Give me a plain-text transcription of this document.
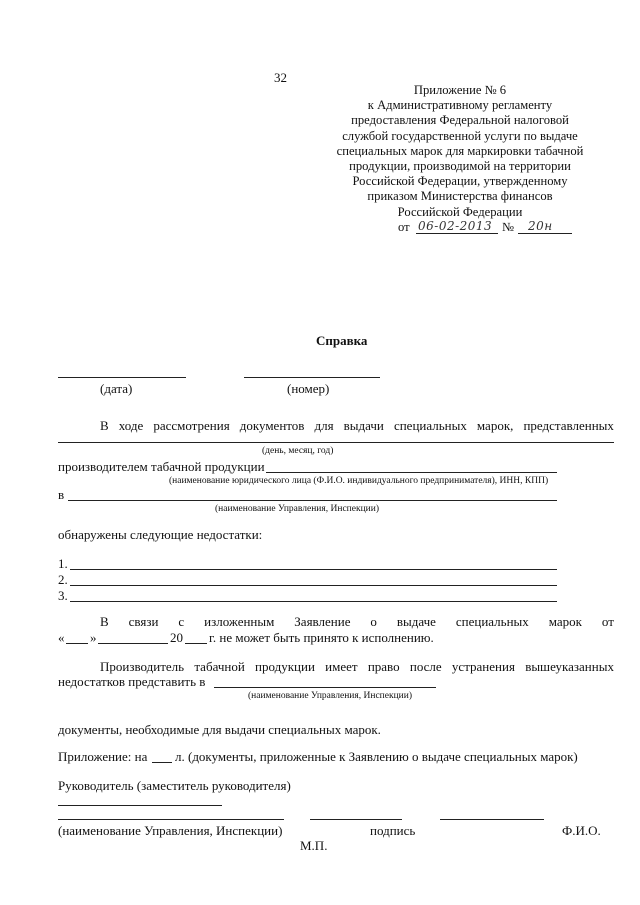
32
Приложение № 6
к Административному регламенту
предоставления Федеральной налоговой
службой государственной услуги по выдаче
специальных марок для маркировки табачной
продукции, производимой на территории
Российской Федерации, утвержденному
приказом Министерства финансов
Российской Федерации
от 06-02-2013 № 20н
Справка
(дата)	(номер)
В ходе рассмотрения документов для выдачи специальных марок, представленных
(день, месяц, год)
производителем табачной продукции
(наименование юридического лица (Ф.И.О. индивидуального предпринимателя), ИНН, КПП)
в
(наименование Управления, Инспекции)
обнаружены следующие недостатки:
1.
2.
3.
В связи с изложенным Заявление о выдаче специальных марок от
« »	20 г. не может быть принято к исполнению.
Производитель табачной продукции имеет право после устранения вышеуказанных
недостатков представить в
(наименование Управления, Инспекции)
документы, необходимые для выдачи специальных марок.
Приложение: на л. (документы, приложенные к Заявлению о выдаче специальных марок)
Руководитель (заместитель руководителя)
(наименование Управления, Инспекции)	подпись	Ф.И.О.
М.П.
